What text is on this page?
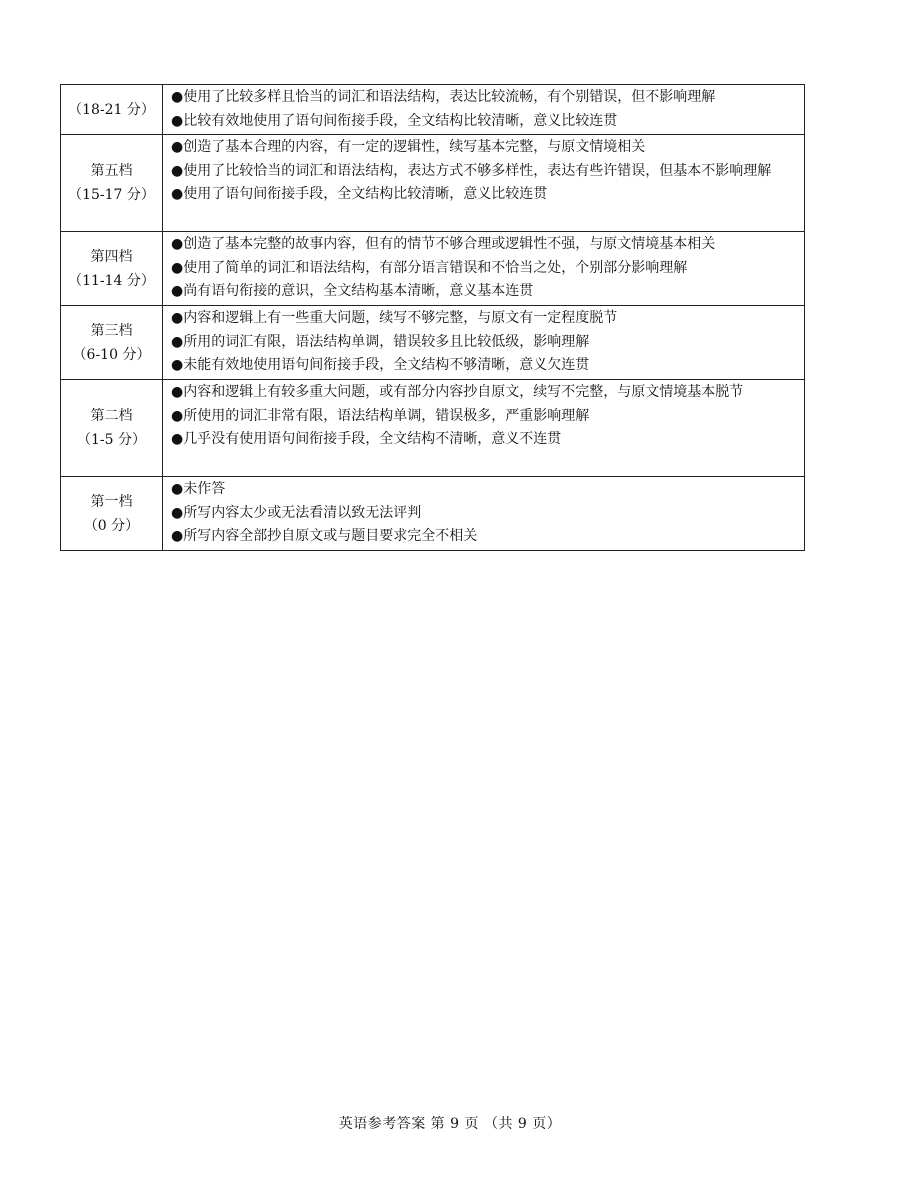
（18-21 分）	●使用了比较多样且恰当的词汇和语法结构，表达比较流畅，有个别错误，但不影响理解
●比较有效地使用了语句间衔接手段，全文结构比较清晰，意义比较连贯

第五档
（15-17 分）	●创造了基本合理的内容，有一定的逻辑性，续写基本完整，与原文情境相关
●使用了比较恰当的词汇和语法结构，表达方式不够多样性，表达有些许错误，但基本不影响理解
●使用了语句间衔接手段，全文结构比较清晰，意义比较连贯

第四档
（11-14 分）	●创造了基本完整的故事内容，但有的情节不够合理或逻辑性不强，与原文情境基本相关
●使用了简单的词汇和语法结构，有部分语言错误和不恰当之处，个别部分影响理解
●尚有语句衔接的意识，全文结构基本清晰，意义基本连贯

第三档
（6-10 分）	●内容和逻辑上有一些重大问题，续写不够完整，与原文有一定程度脱节
●所用的词汇有限，语法结构单调，错误较多且比较低级，影响理解
●未能有效地使用语句间衔接手段，全文结构不够清晰，意义欠连贯

第二档
（1-5 分）	●内容和逻辑上有较多重大问题，或有部分内容抄自原文，续写不完整，与原文情境基本脱节
●所使用的词汇非常有限，语法结构单调，错误极多，严重影响理解
●几乎没有使用语句间衔接手段，全文结构不清晰，意义不连贯

第一档
（0 分）	●未作答
●所写内容太少或无法看清以致无法评判
●所写内容全部抄自原文或与题目要求完全不相关
英语参考答案 第 9 页 （共 9 页）
